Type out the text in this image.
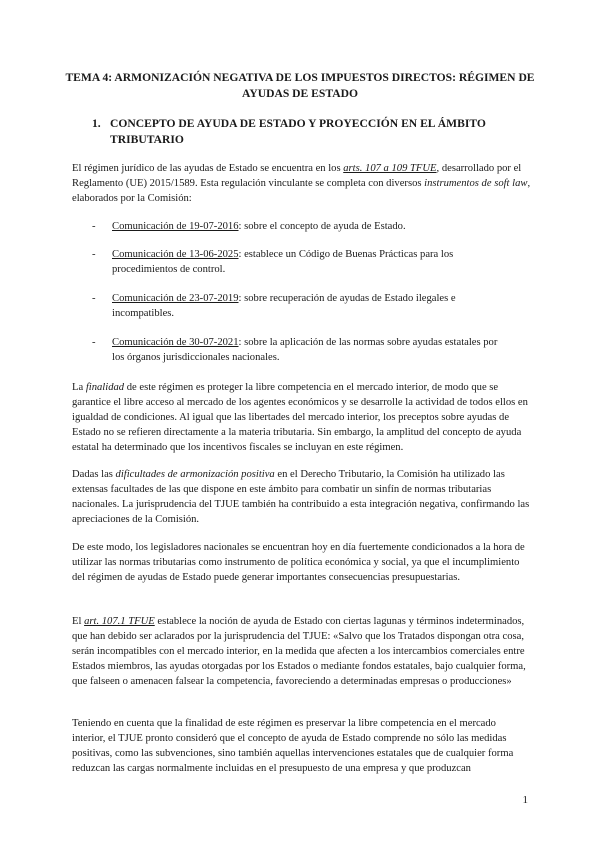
TEMA 4: ARMONIZACIÓN NEGATIVA DE LOS IMPUESTOS DIRECTOS: RÉGIMEN DE AYUDAS DE ESTADO
1. CONCEPTO DE AYUDA DE ESTADO Y PROYECCIÓN EN EL ÁMBITO TRIBUTARIO
El régimen jurídico de las ayudas de Estado se encuentra en los arts. 107 a 109 TFUE, desarrollado por el Reglamento (UE) 2015/1589. Esta regulación vinculante se completa con diversos instrumentos de soft law, elaborados por la Comisión:
-	Comunicación de 19-07-2016: sobre el concepto de ayuda de Estado.
-	Comunicación de 13-06-2025: establece un Código de Buenas Prácticas para los procedimientos de control.
-	Comunicación de 23-07-2019: sobre recuperación de ayudas de Estado ilegales e incompatibles.
-	Comunicación de 30-07-2021: sobre la aplicación de las normas sobre ayudas estatales por los órganos jurisdiccionales nacionales.
La finalidad de este régimen es proteger la libre competencia en el mercado interior, de modo que se garantice el libre acceso al mercado de los agentes económicos y se desarrolle la actividad de todos ellos en igualdad de condiciones. Al igual que las libertades del mercado interior, los preceptos sobre ayudas de Estado no se refieren directamente a la materia tributaria. Sin embargo, la amplitud del concepto de ayuda estatal ha determinado que los incentivos fiscales se incluyan en este régimen.
Dadas las dificultades de armonización positiva en el Derecho Tributario, la Comisión ha utilizado las extensas facultades de las que dispone en este ámbito para combatir un sinfín de normas tributarias nacionales. La jurisprudencia del TJUE también ha contribuido a esta integración negativa, confirmando las apreciaciones de la Comisión.
De este modo, los legisladores nacionales se encuentran hoy en día fuertemente condicionados a la hora de utilizar las normas tributarias como instrumento de política económica y social, ya que el incumplimiento del régimen de ayudas de Estado puede generar importantes consecuencias presupuestarias.
El art. 107.1 TFUE establece la noción de ayuda de Estado con ciertas lagunas y términos indeterminados, que han debido ser aclarados por la jurisprudencia del TJUE: «Salvo que los Tratados dispongan otra cosa, serán incompatibles con el mercado interior, en la medida que afecten a los intercambios comerciales entre Estados miembros, las ayudas otorgadas por los Estados o mediante fondos estatales, bajo cualquier forma, que falseen o amenacen falsear la competencia, favoreciendo a determinadas empresas o producciones»
Teniendo en cuenta que la finalidad de este régimen es preservar la libre competencia en el mercado interior, el TJUE pronto consideró que el concepto de ayuda de Estado comprende no sólo las medidas positivas, como las subvenciones, sino también aquellas intervenciones estatales que de cualquier forma reduzcan las cargas normalmente incluidas en el presupuesto de una empresa y que produzcan
1
